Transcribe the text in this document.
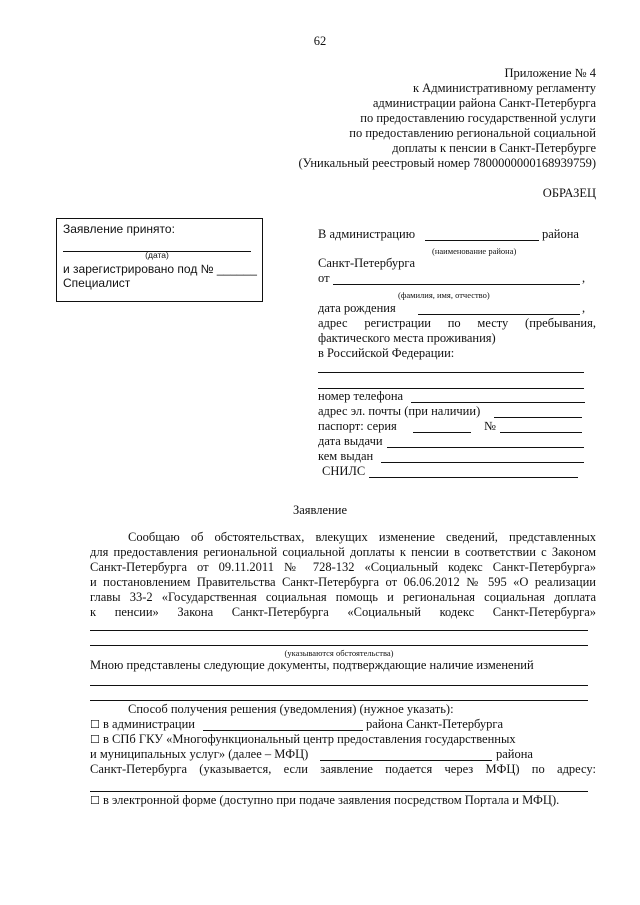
62
Приложение № 4
к Административному регламенту
администрации района Санкт-Петербурга
по предоставлению государственной услуги
по предоставлению региональной социальной
доплаты к пенсии в Санкт-Петербурге
(Уникальный реестровый номер 7800000000168939759)
ОБРАЗЕЦ
Заявление принято:
(дата)
и зарегистрировано под № ______
Специалист
В администрацию	района
(наименование района)
Санкт-Петербурга
от	,
(фамилия, имя, отчество)
дата рождения	,
адрес регистрации по месту (пребывания,
фактического места проживания)
в Российской Федерации:
номер телефона
адрес эл. почты (при наличии)
паспорт: серия	№
дата выдачи
кем выдан
СНИЛС
Заявление
Сообщаю об обстоятельствах, влекущих изменение сведений, представленных
для предоставления региональной социальной доплаты к пенсии в соответствии с Законом
Санкт-Петербурга от 09.11.2011 № 728-132 «Социальный кодекс Санкт-Петербурга»
и постановлением Правительства Санкт-Петербурга от 06.06.2012 № 595 «О реализации
главы 33-2 «Государственная социальная помощь и региональная социальная доплата
к пенсии» Закона Санкт-Петербурга «Социальный кодекс Санкт-Петербурга»
(указываются обстоятельства)
Мною представлены следующие документы, подтверждающие наличие изменений
Способ получения решения (уведомления) (нужное указать):
☐ в администрации	района Санкт-Петербурга
☐ в СПб ГКУ «Многофункциональный центр предоставления государственных
и муниципальных услуг» (далее – МФЦ)	района
Санкт-Петербурга (указывается, если заявление подается через МФЦ) по адресу:
☐ в электронной форме (доступно при подаче заявления посредством Портала и МФЦ).
